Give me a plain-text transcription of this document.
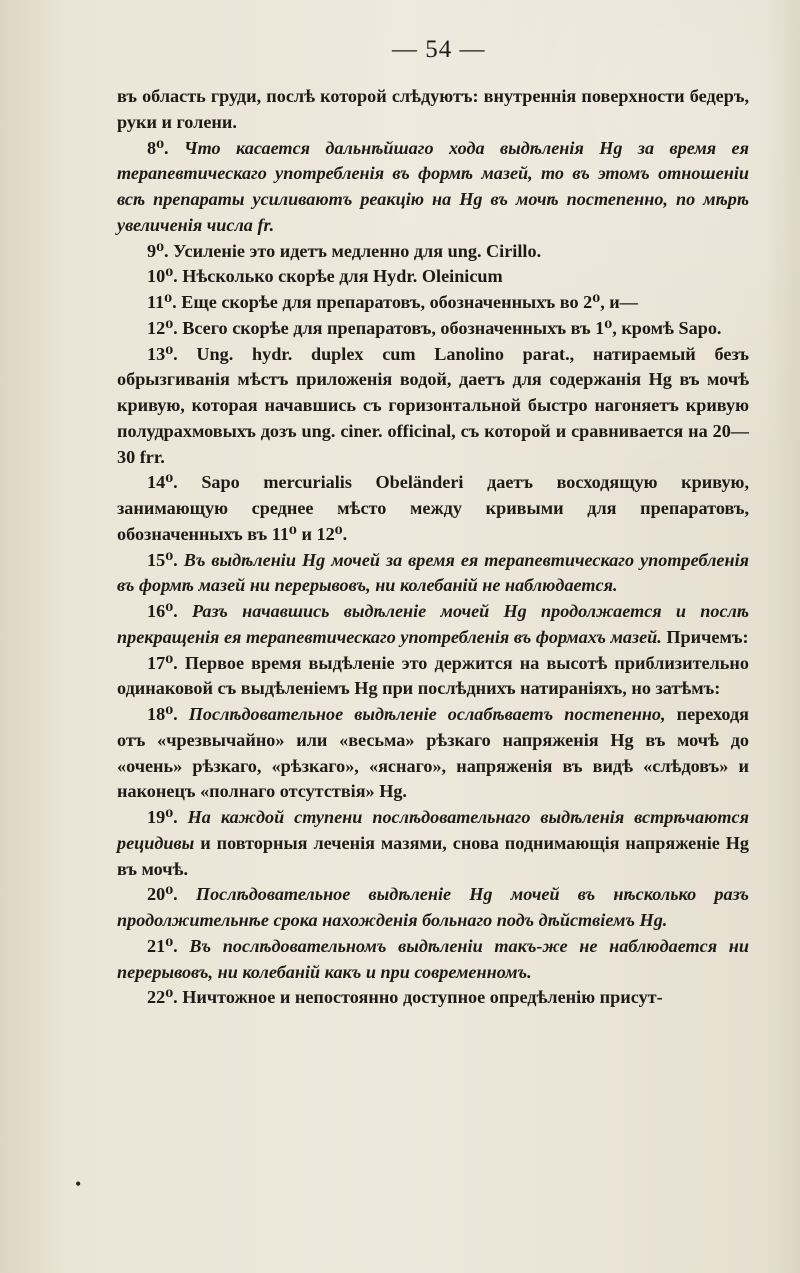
— 54 —

въ область груди, послѣ которой слѣдуютъ: внутреннія поверхности бедеръ, руки и голени.

8⁰. Что касается дальнѣйшаго хода выдѣленія Hg за время ея терапевтическаго употребленія въ формѣ мазей, то въ этомъ отношеніи всѣ препараты усиливаютъ реакцію на Hg въ мочѣ постепенно, по мѣрѣ увеличенія числа fr.

9⁰. Усиленіе это идетъ медленно для ung. Cirillo.

10⁰. Нѣсколько скорѣе для Hydr. Oleinicum

11⁰. Еще скорѣе для препаратовъ, обозначенныхъ во 2⁰, и—

12⁰. Всего скорѣе для препаратовъ, обозначенныхъ въ 1⁰, кромѣ Sapo.

13⁰. Ung. hydr. duplex cum Lanolino parat., натираемый безъ обрызгиванія мѣстъ приложенія водой, даетъ для содержанія Hg въ мочѣ кривую, которая начавшись съ горизонтальной быстро нагоняетъ кривую полудрахмовыхъ дозъ ung. ciner. officinal, съ которой и сравнивается на 20—30 frr.

14⁰. Sapo mercurialis Obeländeri даетъ восходящую кривую, занимающую среднее мѣсто между кривыми для препаратовъ, обозначенныхъ въ 11⁰ и 12⁰.

15⁰. Въ выдѣленіи Hg мочей за время ея терапевтическаго употребленія въ формѣ мазей ни перерывовъ, ни колебаній не наблюдается.

16⁰. Разъ начавшись выдѣленіе мочей Hg продолжается и послѣ прекращенія ея терапевтическаго употребленія въ формахъ мазей. Причемъ:

17⁰. Первое время выдѣленіе это держится на высотѣ приблизительно одинаковой съ выдѣленіемъ Hg при послѣднихъ натираніяхъ, но затѣмъ:

18⁰. Послѣдовательное выдѣленіе ослабѣваетъ постепенно, переходя отъ «чрезвычайно» или «весьма» рѣзкаго напряженія Hg въ мочѣ до «очень» рѣзкаго, «рѣзкаго», «яснаго», напряженія въ видѣ «слѣдовъ» и наконецъ «полнаго отсутствія» Hg.

19⁰. На каждой ступени послѣдовательнаго выдѣленія встрѣчаются рецидивы и повторныя леченія мазями, снова поднимающія напряженіе Hg въ мочѣ.

20⁰. Послѣдовательное выдѣленіе Hg мочей въ нѣсколько разъ продолжительнѣе срока нахожденія больнаго подъ дѣйствіемъ Hg.

21⁰. Въ послѣдовательномъ выдѣленіи такъ-же не наблюдается ни перерывовъ, ни колебаній какъ и при современномъ.

22⁰. Ничтожное и непостоянно доступное опредѣленію присут-

•
